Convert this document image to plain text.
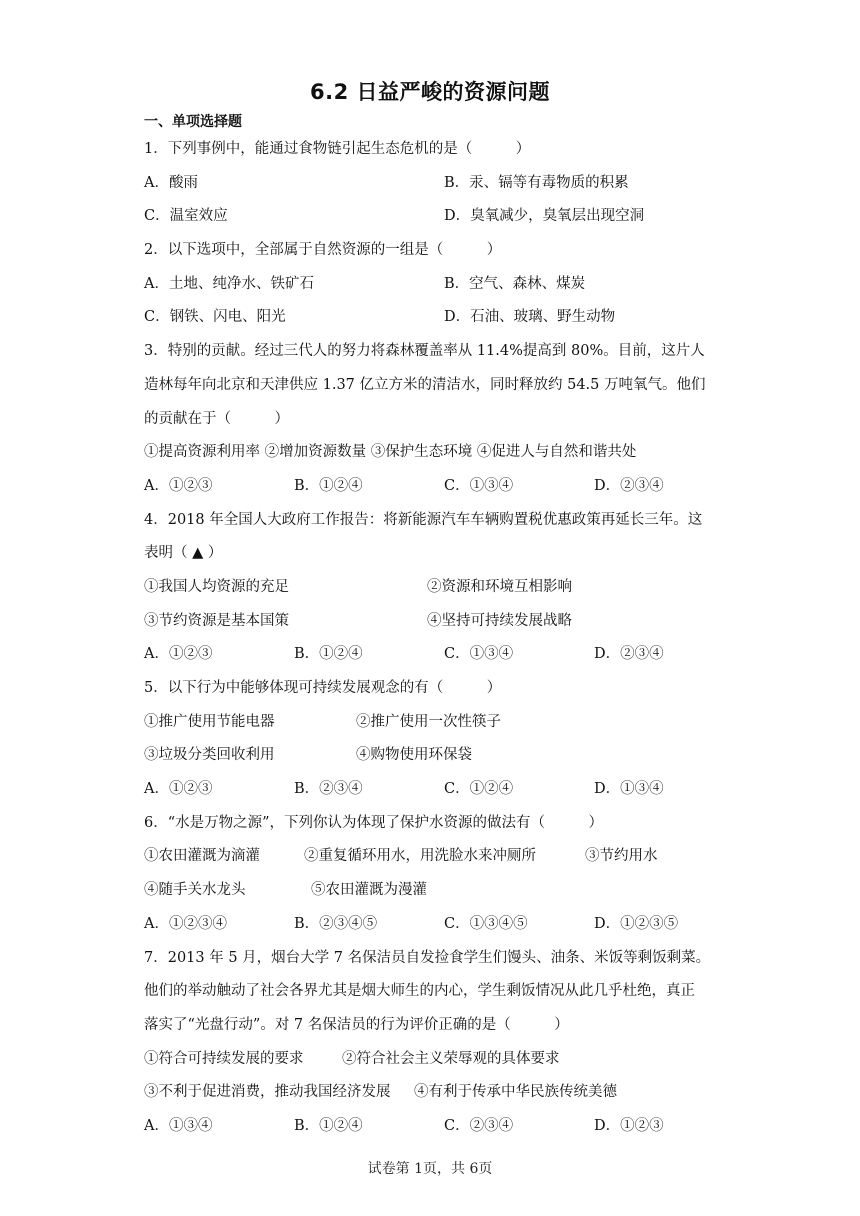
6.2 日益严峻的资源问题
一、单项选择题
1．下列事例中，能通过食物链引起生态危机的是（　　　）
A．酸雨	B．汞、镉等有毒物质的积累
C．温室效应	D．臭氧减少，臭氧层出现空洞
2．以下选项中，全部属于自然资源的一组是（　　　）
A．土地、纯净水、铁矿石	B．空气、森林、煤炭
C．钢铁、闪电、阳光	D．石油、玻璃、野生动物
3．特别的贡献。经过三代人的努力将森林覆盖率从 11.4%提高到 80%。目前，这片人
造林每年向北京和天津供应 1.37 亿立方米的清洁水，同时释放约 54.5 万吨氧气。他们
的贡献在于（　　　）
①提高资源利用率 ②增加资源数量 ③保护生态环境 ④促进人与自然和谐共处
A．①②③	B．①②④	C．①③④	D．②③④
4．2018 年全国人大政府工作报告：将新能源汽车车辆购置税优惠政策再延长三年。这
表明（ ▲ ）
①我国人均资源的充足	②资源和环境互相影响
③节约资源是基本国策	④坚持可持续发展战略
A．①②③	B．①②④	C．①③④	D．②③④
5．以下行为中能够体现可持续发展观念的有（　　　）
①推广使用节能电器	②推广使用一次性筷子
③垃圾分类回收利用	④购物使用环保袋
A．①②③	B．②③④	C．①②④	D．①③④
6．“水是万物之源”，下列你认为体现了保护水资源的做法有（　　　）
①农田灌溉为滴灌	②重复循环用水，用洗脸水来冲厕所	③节约用水
④随手关水龙头	⑤农田灌溉为漫灌
A．①②③④	B．②③④⑤	C．①③④⑤	D．①②③⑤
7．2013 年 5 月，烟台大学 7 名保洁员自发捡食学生们馒头、油条、米饭等剩饭剩菜。
他们的举动触动了社会各界尤其是烟大师生的内心，学生剩饭情况从此几乎杜绝，真正
落实了“光盘行动”。对 7 名保洁员的行为评价正确的是（　　　）
①符合可持续发展的要求	②符合社会主义荣辱观的具体要求
③不利于促进消费，推动我国经济发展 ④有利于传承中华民族传统美德
A．①③④	B．①②④	C．②③④	D．①②③
试卷第 1页，共 6页
